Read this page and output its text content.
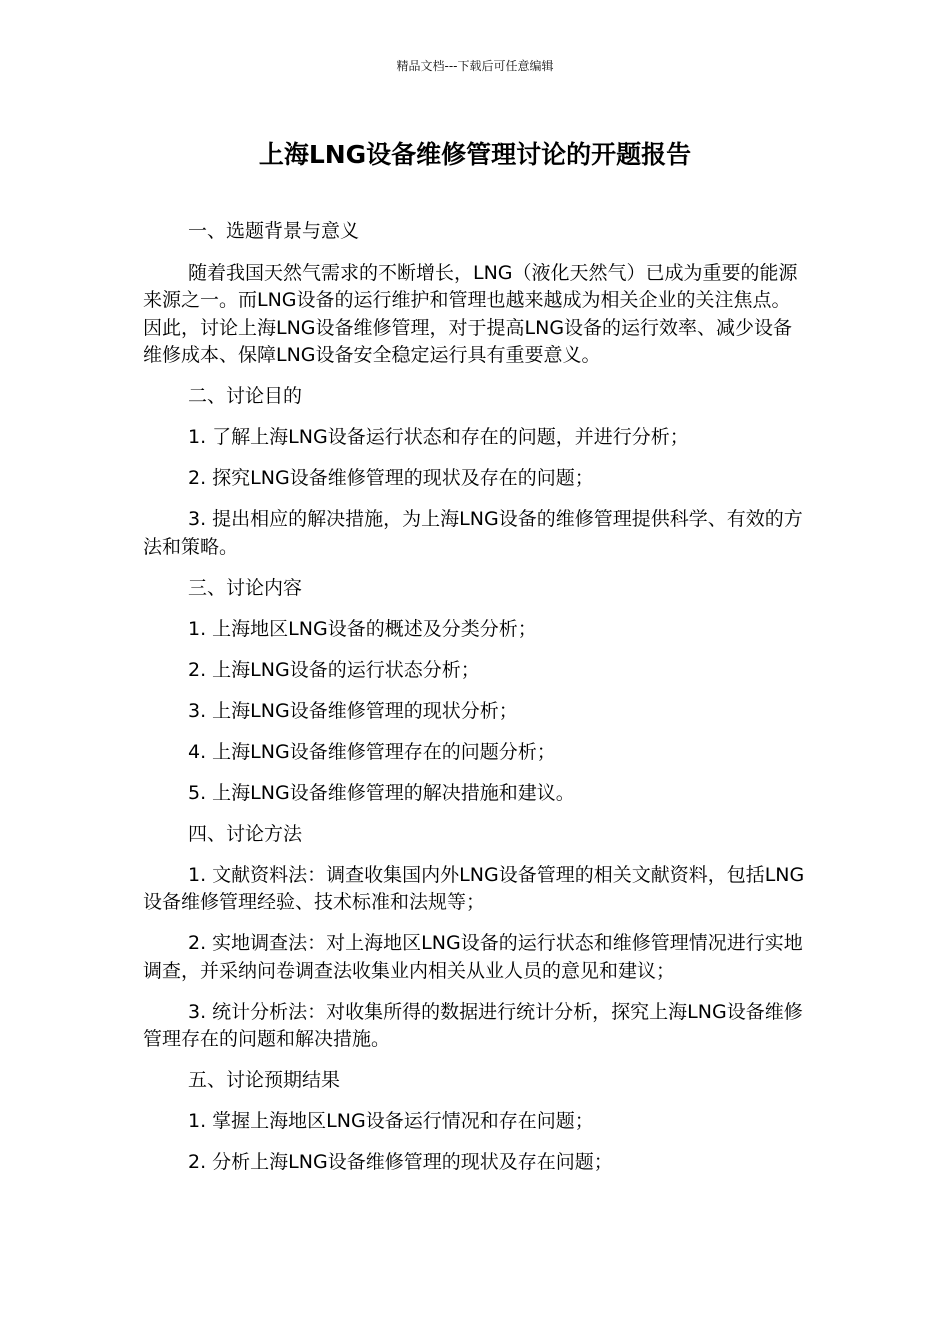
精品文档---下载后可任意编辑
上海LNG设备维修管理讨论的开题报告

一、选题背景与意义

随着我国天然气需求的不断增长，LNG（液化天然气）已成为重要的能源来源之一。而LNG设备的运行维护和管理也越来越成为相关企业的关注焦点。因此，讨论上海LNG设备维修管理，对于提高LNG设备的运行效率、减少设备维修成本、保障LNG设备安全稳定运行具有重要意义。

二、讨论目的

1. 了解上海LNG设备运行状态和存在的问题，并进行分析；

2. 探究LNG设备维修管理的现状及存在的问题；

3. 提出相应的解决措施，为上海LNG设备的维修管理提供科学、有效的方法和策略。

三、讨论内容

1. 上海地区LNG设备的概述及分类分析；

2. 上海LNG设备的运行状态分析；

3. 上海LNG设备维修管理的现状分析；

4. 上海LNG设备维修管理存在的问题分析；

5. 上海LNG设备维修管理的解决措施和建议。

四、讨论方法

1. 文献资料法：调查收集国内外LNG设备管理的相关文献资料，包括LNG设备维修管理经验、技术标准和法规等；

2. 实地调查法：对上海地区LNG设备的运行状态和维修管理情况进行实地调查，并采纳问卷调查法收集业内相关从业人员的意见和建议；

3. 统计分析法：对收集所得的数据进行统计分析，探究上海LNG设备维修管理存在的问题和解决措施。

五、讨论预期结果

1. 掌握上海地区LNG设备运行情况和存在问题；

2. 分析上海LNG设备维修管理的现状及存在问题；
